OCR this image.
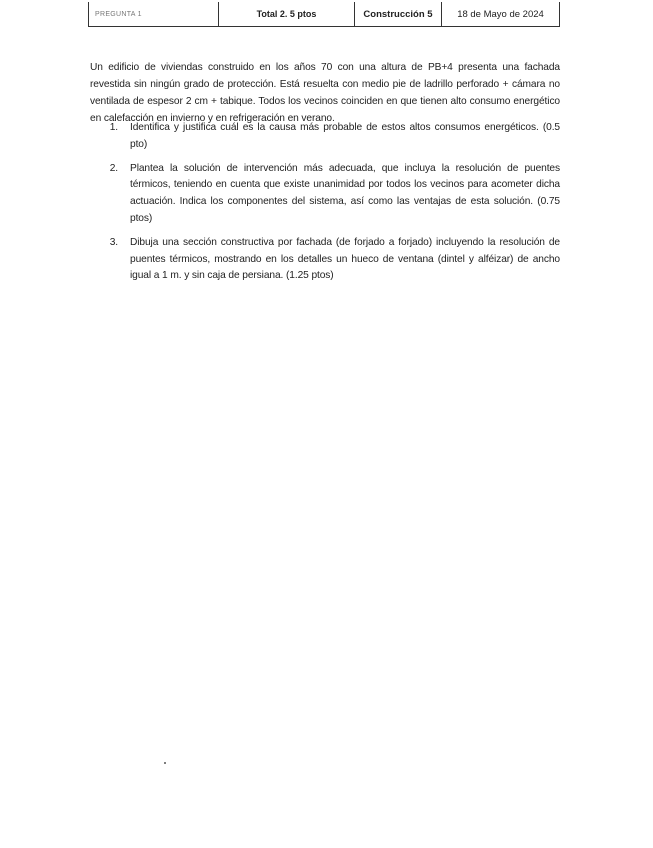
PREGUNTA 1	Total 2. 5 ptos	Construcción 5	18 de Mayo de 2024

Un edificio de viviendas construido en los años 70 con una altura de PB+4 presenta una fachada revestida sin ningún grado de protección. Está resuelta con medio pie de ladrillo perforado + cámara no ventilada de espesor 2 cm + tabique. Todos los vecinos coinciden en que tienen alto consumo energético en calefacción en invierno y en refrigeración en verano.

1.	Identifica y justifica cuál es la causa más probable de estos altos consumos energéticos. (0.5 pto)
2.	Plantea la solución de intervención más adecuada, que incluya la resolución de puentes térmicos, teniendo en cuenta que existe unanimidad por todos los vecinos para acometer dicha actuación. Indica los componentes del sistema, así como las ventajas de esta solución. (0.75 ptos)
3.	Dibuja una sección constructiva por fachada (de forjado a forjado) incluyendo la resolución de puentes térmicos, mostrando en los detalles un hueco de ventana (dintel y alféizar) de ancho igual a 1 m. y sin caja de persiana. (1.25 ptos)
